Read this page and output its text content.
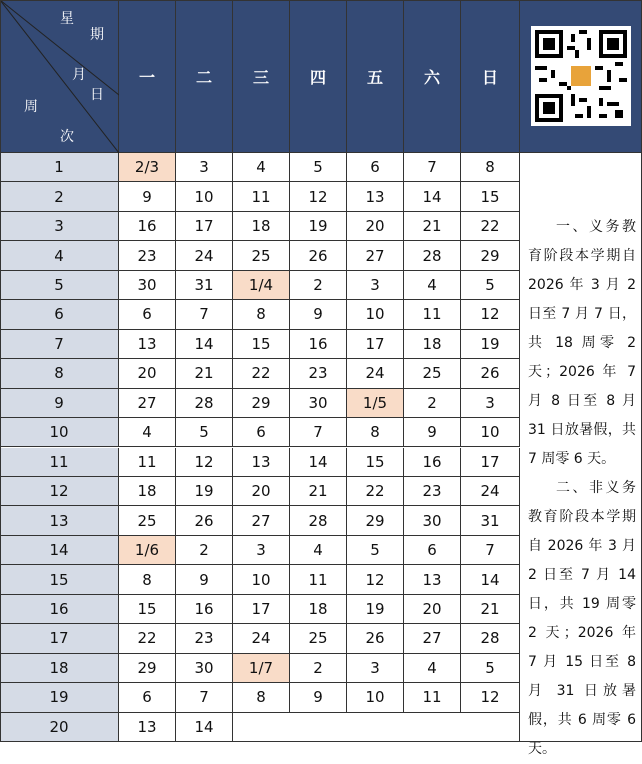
星
期
月
日
周
次
一	二	三	四	五	六	日
1	2/3	3	4	5	6	7	8
2	9	10	11	12	13	14	15
3	16	17	18	19	20	21	22
4	23	24	25	26	27	28	29
5	30	31	1/4	2	3	4	5
6	6	7	8	9	10	11	12
7	13	14	15	16	17	18	19
8	20	21	22	23	24	25	26
9	27	28	29	30	1/5	2	3
10	4	5	6	7	8	9	10
11	11	12	13	14	15	16	17
12	18	19	20	21	22	23	24
13	25	26	27	28	29	30	31
14	1/6	2	3	4	5	6	7
15	8	9	10	11	12	13	14
16	15	16	17	18	19	20	21
17	22	23	24	25	26	27	28
18	29	30	1/7	2	3	4	5
19	6	7	8	9	10	11	12
20	13	14

一、义务教育阶段本学期自 2026 年 3 月 2 日至 7 月 7 日，共 18 周零 2 天；2026 年 7 月 8 日至 8 月 31 日放暑假，共 7 周零 6 天。

二、非义务教育阶段本学期自 2026 年 3 月 2 日至 7 月 14 日，共 19 周零 2 天；2026 年 7 月 15 日至 8 月 31 日放暑假，共 6 周零 6 天。
